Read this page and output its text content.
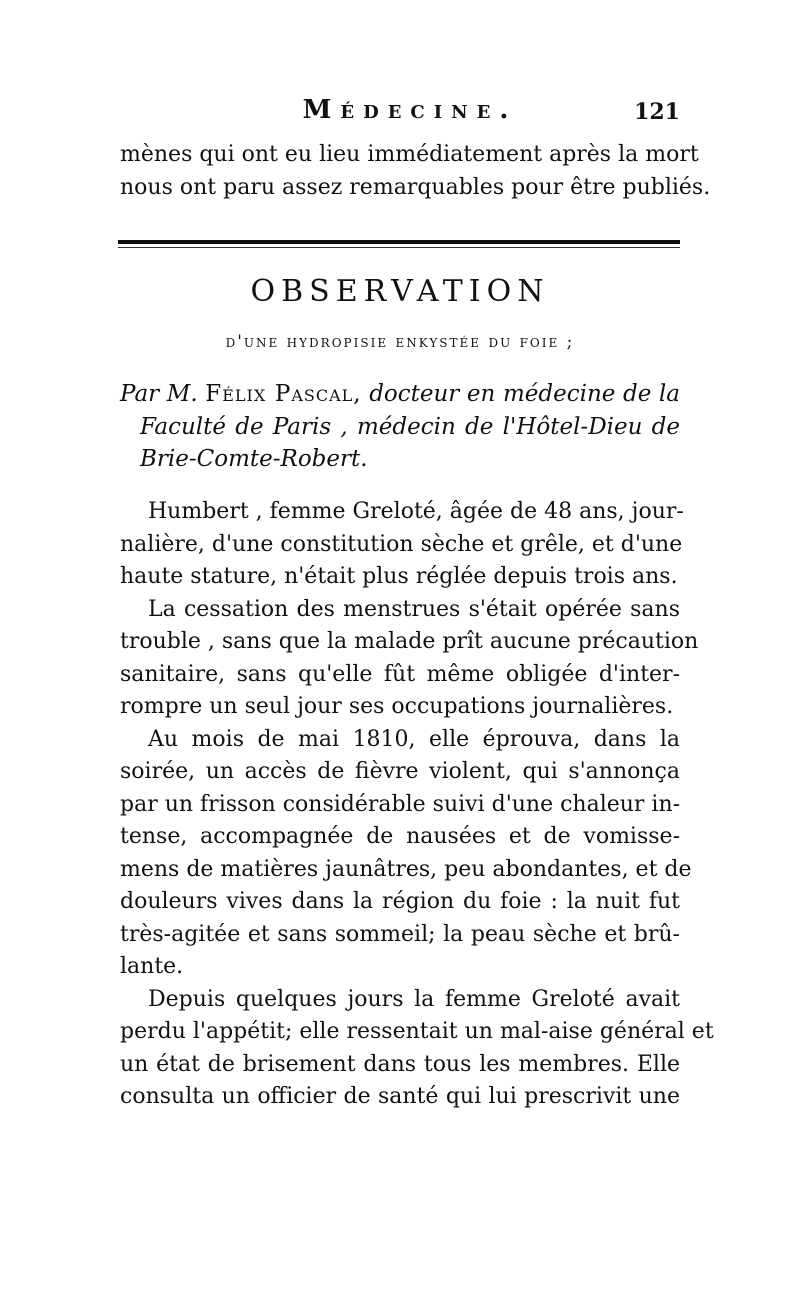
Médecine.	121
mènes qui ont eu lieu immédiatement après la mort
nous ont paru assez remarquables pour être publiés.
OBSERVATION
d'une hydropisie enkystée du foie ;
Par M. Félix Pascal, docteur en médecine de la
Faculté de Paris , médecin de l'Hôtel-Dieu de
Brie-Comte-Robert.
Humbert , femme Greloté, âgée de 48 ans, jour-
nalière, d'une constitution sèche et grêle, et d'une
haute stature, n'était plus réglée depuis trois ans.
La cessation des menstrues s'était opérée sans
trouble , sans que la malade prît aucune précaution
sanitaire, sans qu'elle fût même obligée d'inter-
rompre un seul jour ses occupations journalières.
Au mois de mai 1810, elle éprouva, dans la
soirée, un accès de fièvre violent, qui s'annonça
par un frisson considérable suivi d'une chaleur in-
tense, accompagnée de nausées et de vomisse-
mens de matières jaunâtres, peu abondantes, et de
douleurs vives dans la région du foie : la nuit fut
très-agitée et sans sommeil; la peau sèche et brû-
lante.
Depuis quelques jours la femme Greloté avait
perdu l'appétit; elle ressentait un mal-aise général et
un état de brisement dans tous les membres. Elle
consulta un officier de santé qui lui prescrivit une
